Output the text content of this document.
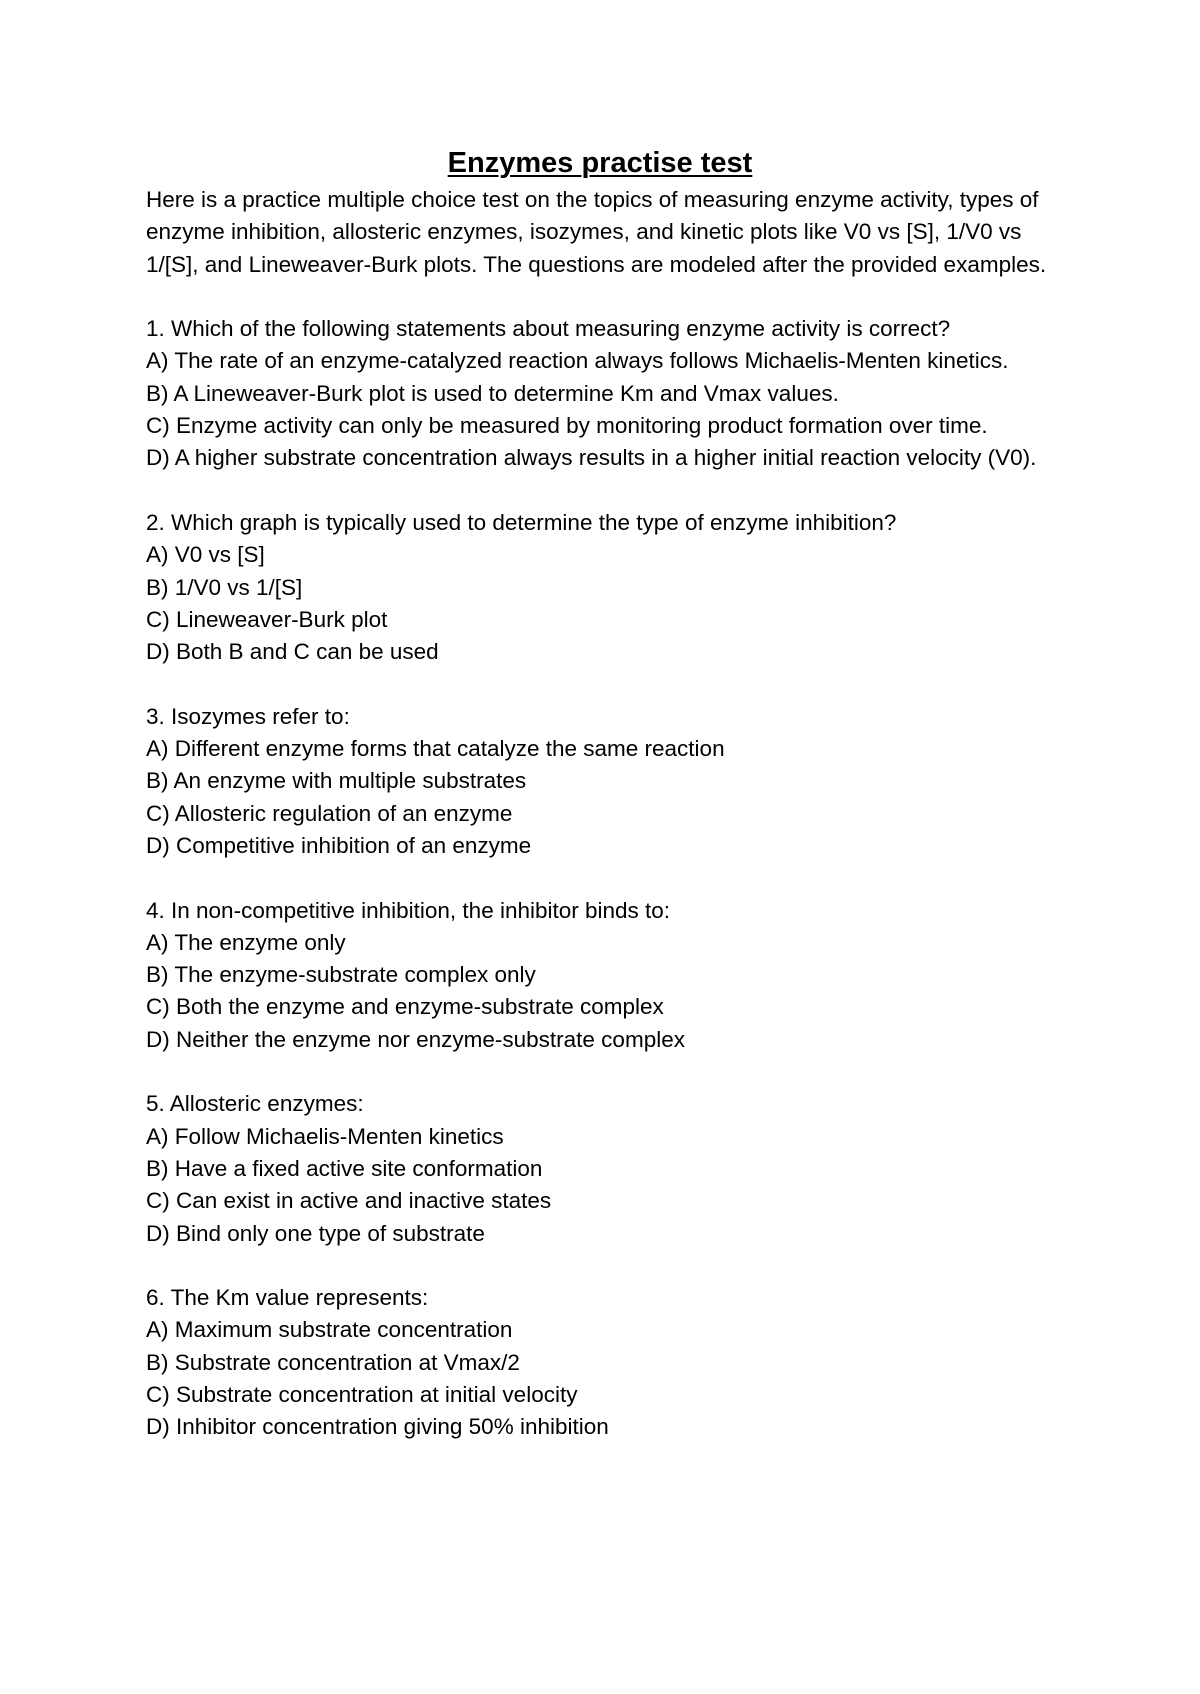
Enzymes practise test

Here is a practice multiple choice test on the topics of measuring enzyme activity, types of enzyme inhibition, allosteric enzymes, isozymes, and kinetic plots like V0 vs [S], 1/V0 vs 1/[S], and Lineweaver-Burk plots. The questions are modeled after the provided examples.

1. Which of the following statements about measuring enzyme activity is correct?
A) The rate of an enzyme-catalyzed reaction always follows Michaelis-Menten kinetics.
B) A Lineweaver-Burk plot is used to determine Km and Vmax values.
C) Enzyme activity can only be measured by monitoring product formation over time.
D) A higher substrate concentration always results in a higher initial reaction velocity (V0).
2. Which graph is typically used to determine the type of enzyme inhibition?
A) V0 vs [S]
B) 1/V0 vs 1/[S]
C) Lineweaver-Burk plot
D) Both B and C can be used
3. Isozymes refer to:
A) Different enzyme forms that catalyze the same reaction
B) An enzyme with multiple substrates
C) Allosteric regulation of an enzyme
D) Competitive inhibition of an enzyme
4. In non-competitive inhibition, the inhibitor binds to:
A) The enzyme only
B) The enzyme-substrate complex only
C) Both the enzyme and enzyme-substrate complex
D) Neither the enzyme nor enzyme-substrate complex
5. Allosteric enzymes:
A) Follow Michaelis-Menten kinetics
B) Have a fixed active site conformation
C) Can exist in active and inactive states
D) Bind only one type of substrate
6. The Km value represents:
A) Maximum substrate concentration
B) Substrate concentration at Vmax/2
C) Substrate concentration at initial velocity
D) Inhibitor concentration giving 50% inhibition
